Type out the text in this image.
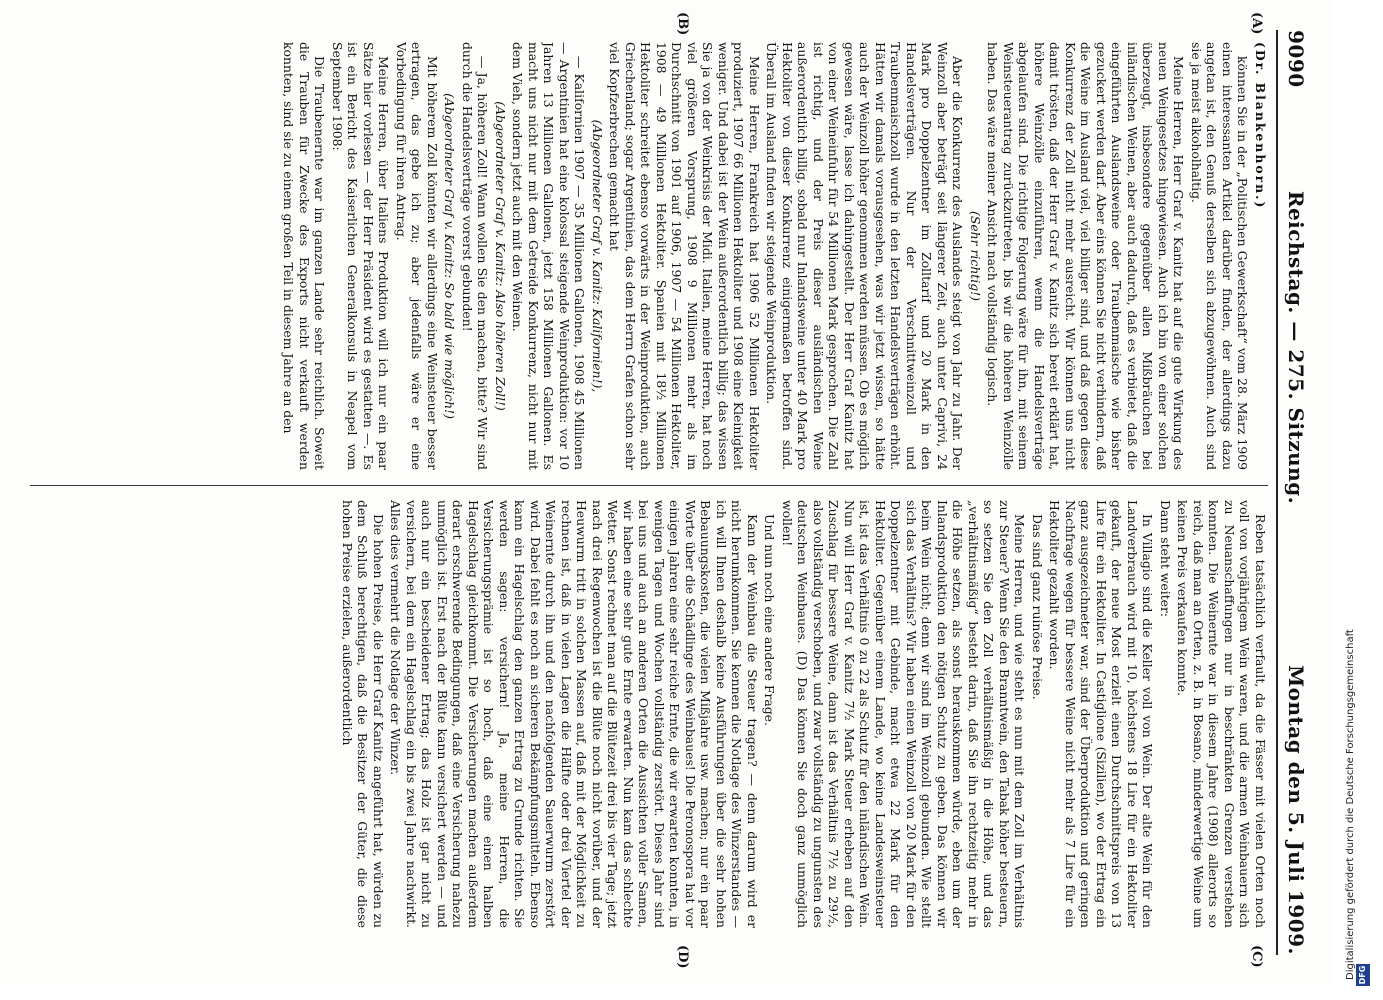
9090
Reichstag. — 275. Sitzung.
Montag den 5. Juli 1909.
(A)
(B)
(C)
(D)

(Dr. Blankenhorn.)

können Sie in der „Politischen Gewerkschaft“ vom 28. März 1909 einen interessanten Artikel darüber finden, der allerdings dazu angetan ist, den Genuß derselben sich abzugewöhnen. Auch sind sie ja meist alkoholhaltig.

Meine Herren, Herr Graf v. Kanitz hat auf die gute Wirkung des neuen Weingesetzes hingewiesen. Auch ich bin von einer solchen überzeugt, insbesondere gegenüber allen Mißbräuchen bei inländischen Weinen, aber auch dadurch, daß es verbietet, daß die eingeführten Auslandsweine oder Traubenmaische wie bisher gezuckert werden darf. Aber eins können Sie nicht verhindern, daß die Weine im Ausland viel, viel billiger sind, und daß gegen diese Konkurrenz der Zoll nicht mehr ausreicht. Wir können uns nicht damit trösten, daß der Herr Graf v. Kanitz sich bereit erklärt hat, höhere Weinzölle einzuführen, wenn die Handelsverträge abgelaufen sind. Die richtige Folgerung wäre für ihn, mit seinem Weinsteuerantrag zurückzutreten, bis wir die höheren Weinzölle haben. Das wäre meiner Ansicht nach vollständig logisch.

(Sehr richtig!)

Aber die Konkurrenz des Auslandes steigt von Jahr zu Jahr. Der Weinzoll aber beträgt seit längerer Zeit, auch unter Caprivi, 24 Mark pro Doppelzentner im Zolltarif und 20 Mark in den Handelsverträgen. Nur der Verschnittweinzoll und Traubenmaischzoll wurde in den letzten Handelsverträgen erhöht. Hätten wir damals vorausgesehen, was wir jetzt wissen, so hätte auch der Weinzoll höher genommen werden müssen. Ob es möglich gewesen wäre, lasse ich dahingestellt. Der Herr Graf Kanitz hat von einer Weineinfuhr für 54 Millionen Mark gesprochen. Die Zahl ist richtig, und der Preis dieser ausländischen Weine außerordentlich billig, sobald nur Inlandsweine unter 40 Mark pro Hektoliter von dieser Konkurrenz einigermaßen betroffen sind. Überall im Ausland finden wir steigende Weinproduktion.

Meine Herren, Frankreich hat 1906 52 Millionen Hektoliter produziert, 1907 66 Millionen Hektoliter und 1908 eine Kleinigkeit weniger. Und dabei ist der Wein außerordentlich billig; das wissen Sie ja von der Weinkrisis der Midi. Italien, meine Herren, hat noch viel größeren Vorsprung, 1908 9 Millionen mehr als im Durchschnitt von 1901 auf 1906, 1907 — 54 Millionen Hektoliter, 1908 — 49 Millionen Hektoliter. Spanien mit 18½ Millionen Hektoliter schreitet ebenso vorwärts in der Weinproduktion, auch Griechenland; sogar Argentinien, das dem Herrn Grafen schon sehr viel Kopfzerbrechen gemacht hat

(Abgeordneter Graf v. Kanitz: Kalifornien!),

— Kalifornien 1907 — 35 Millionen Gallonen, 1908 45 Millionen — Argentinien hat eine kolossal steigende Weinproduktion: vor 10 Jahren 13 Millionen Gallonen, jetzt 158 Millionen Gallonen. Es macht uns nicht nur mit dem Getreide Konkurrenz, nicht nur mit dem Vieh, sondern jetzt auch mit den Weinen.

(Abgeordneter Graf v. Kanitz: Also höheren Zoll!)

— Ja, höheren Zoll! Wann wollen Sie den machen, bitte? Wir sind durch die Handelsverträge vorerst gebunden!

(Abgeordneter Graf v. Kanitz: So bald wie möglich!)

Mit höherem Zoll könnten wir allerdings eine Weinsteuer besser ertragen, das gebe ich zu; aber jedenfalls wäre er eine Vorbedingung für ihren Antrag.

Meine Herren, über Italiens Produktion will ich nur ein paar Sätze hier vorlesen — der Herr Präsident wird es gestatten —. Es ist ein Bericht des Kaiserlichen Generalkonsuls in Neapel vom September 1908:

Die Traubenernte war im ganzen Lande sehr reichlich. Soweit die Trauben für Zwecke des Exports nicht verkauft werden konnten, sind sie zu einem großen Teil in diesem Jahre an den

Reben tatsächlich verfault, da die Fässer mit vielen Orten noch voll von vorjährigem Wein waren, und die armen Weinbauern sich zu Neuanschaffungen nur in beschränkten Grenzen verstehen konnten. Die Weinernte war in diesem Jahre (1908) allerorts so reich, daß man an Orten, z. B. in Bosano, minderwertige Weine um keinen Preis verkaufen konnte.

Dann steht weiter:

In Villagio sind die Keller voll von Wein. Der alte Wein für den Landverbrauch wird mit 10, höchstens 18 Lire für ein Hektoliter gekauft, der neue Most erzielt einen Durchschnittspreis von 13 Lire für ein Hektoliter. In Castiglione (Sizilien), wo der Ertrag ein ganz ausgezeichneter war, sind der Überproduktion und geringen Nachfrage wegen für bessere Weine nicht mehr als 7 Lire für ein Hektoliter gezahlt worden.

Das sind ganz ruinöse Preise.

Meine Herren, und wie steht es nun mit dem Zoll im Verhältnis zur Steuer? Wenn Sie den Branntwein, den Tabak höher besteuern, so setzen Sie den Zoll verhältnismäßig in die Höhe, und das „verhältnismäßig“ besteht darin, daß Sie ihn rechtzeitig mehr in die Höhe setzen, als sonst herauskommen würde, eben um der Inlandsproduktion den nötigen Schutz zu geben. Das können wir beim Wein nicht; denn wir sind im Weinzoll gebunden. Wie stellt sich das Verhältnis? Wir haben einen Weinzoll von 20 Mark für den Doppelzentner mit Gebinde, macht etwa 22 Mark für den Hektoliter. Gegenüber einem Lande, wo keine Landesweinsteuer ist, ist das Verhältnis 0 zu 22 als Schutz für den inländischen Wein. Nun will Herr Graf v. Kanitz 7½ Mark Steuer erheben auf den Zuschlag für bessere Weine, dann ist das Verhältnis 7½ zu 29½, also vollständig verschoben, und zwar vollständig zu ungunsten des deutschen Weinbaues. (D) Das können Sie doch ganz unmöglich wollen!

Und nun noch eine andere Frage.

Kann der Weinbau die Steuer tragen? — denn darum wird er nicht herumkommen. Sie kennen die Notlage des Winzerstandes — ich will Ihnen deshalb keine Ausführungen über die sehr hohen Bebauungskosten, die vielen Mißjahre usw. machen; nur ein paar Worte über die Schädlinge des Weinbaues! Die Peronospora hat vor einigen Jahren eine sehr reiche Ernte, die wir erwarten konnten, in wenigen Tagen und Wochen vollständig zerstört. Dieses Jahr sind bei uns und auch an anderen Orten die Aussichten voller Samen, wir haben eine sehr gute Ernte erwarten. Nun kam das schlechte Wetter. Sonst rechnet man auf die Blütezeit drei bis vier Tage; jetzt nach drei Regenwochen ist die Blüte noch nicht vorüber, und der Heuwurm tritt in solchen Massen auf, daß mit der Möglichkeit zu rechnen ist, daß in vielen Lagen die Hälfte oder drei Viertel der Weinernte durch ihn und den nachfolgenden Sauerwurm zerstört wird. Dabei fehlt es noch an sicheren Bekämpfungsmitteln. Ebenso kann ein Hagelschlag den ganzen Ertrag zu Grunde richten. Sie werden sagen: versichern! Ja, meine Herren, die Versicherungsprämie ist so hoch, daß eine einen halben Hagelschlag gleichkommt. Die Versicherungen machen außerdem derart erschwerende Bedingungen, daß eine Versicherung nahezu unmöglich ist. Erst nach der Blüte kann versichert werden — und auch nur ein bescheidener Ertrag; das Holz ist gar nicht zu versichern, bei dem ein Hagelschlag ein bis zwei Jahre nachwirkt. Alles dies vermehrt die Notlage der Winzer.

Die hohen Preise, die Herr Graf Kanitz angeführt hat, würden zu dem Schluß berechtigen, daß die Besitzer der Güter, die diese hohen Preise erzielen, außerordentlich

Digitalisierung gefördert durch die Deutsche Forschungsgemeinschaft DFG
